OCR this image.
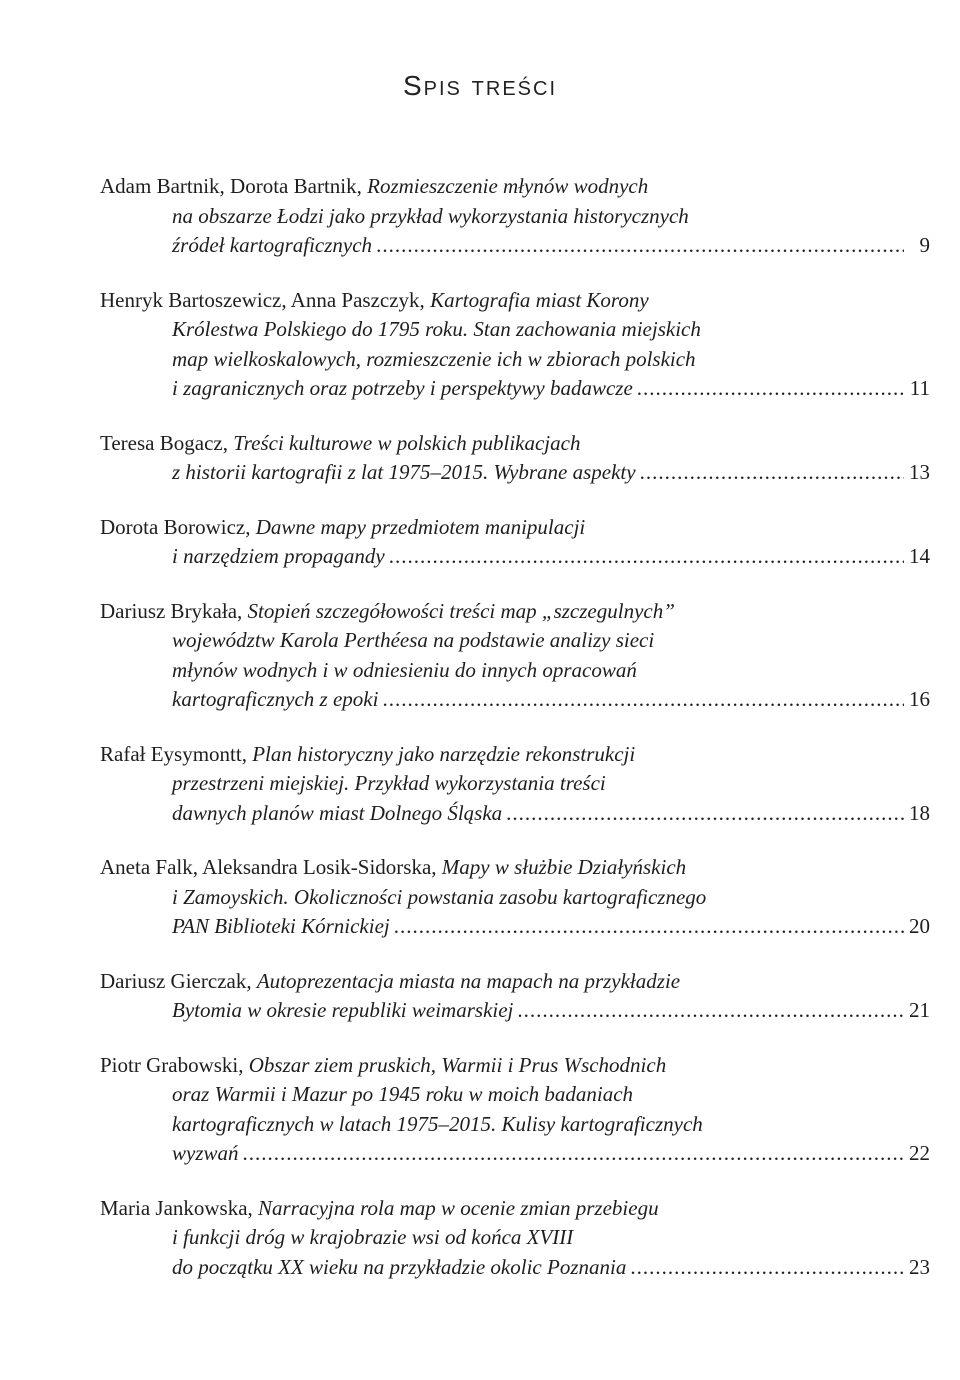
Spis treści
Adam Bartnik, Dorota Bartnik, Rozmieszczenie młynów wodnych
na obszarze Łodzi jako przykład wykorzystania historycznych
źródeł kartograficznych .....	9
Henryk Bartoszewicz, Anna Paszczyk, Kartografia miast Korony
Królestwa Polskiego do 1795 roku. Stan zachowania miejskich
map wielkoskalowych, rozmieszczenie ich w zbiorach polskich
i zagranicznych oraz potrzeby i perspektywy badawcze .....	11
Teresa Bogacz, Treści kulturowe w polskich publikacjach
z historii kartografii z lat 1975–2015. Wybrane aspekty .....	13
Dorota Borowicz, Dawne mapy przedmiotem manipulacji
i narzędziem propagandy .....	14
Dariusz Brykała, Stopień szczegółowości treści map „szczegulnych”
województw Karola Perthéesa na podstawie analizy sieci
młynów wodnych i w odniesieniu do innych opracowań
kartograficznych z epoki .....	16
Rafał Eysymontt, Plan historyczny jako narzędzie rekonstrukcji
przestrzeni miejskiej. Przykład wykorzystania treści
dawnych planów miast Dolnego Śląska .....	18
Aneta Falk, Aleksandra Losik-Sidorska, Mapy w służbie Działyńskich
i Zamoyskich. Okoliczności powstania zasobu kartograficznego
PAN Biblioteki Kórnickiej .....	20
Dariusz Gierczak, Autoprezentacja miasta na mapach na przykładzie
Bytomia w okresie republiki weimarskiej .....	21
Piotr Grabowski, Obszar ziem pruskich, Warmii i Prus Wschodnich
oraz Warmii i Mazur po 1945 roku w moich badaniach
kartograficznych w latach 1975–2015. Kulisy kartograficznych
wyzwań .....	22
Maria Jankowska, Narracyjna rola map w ocenie zmian przebiegu
i funkcji dróg w krajobrazie wsi od końca XVIII
do początku XX wieku na przykładzie okolic Poznania .....	23
